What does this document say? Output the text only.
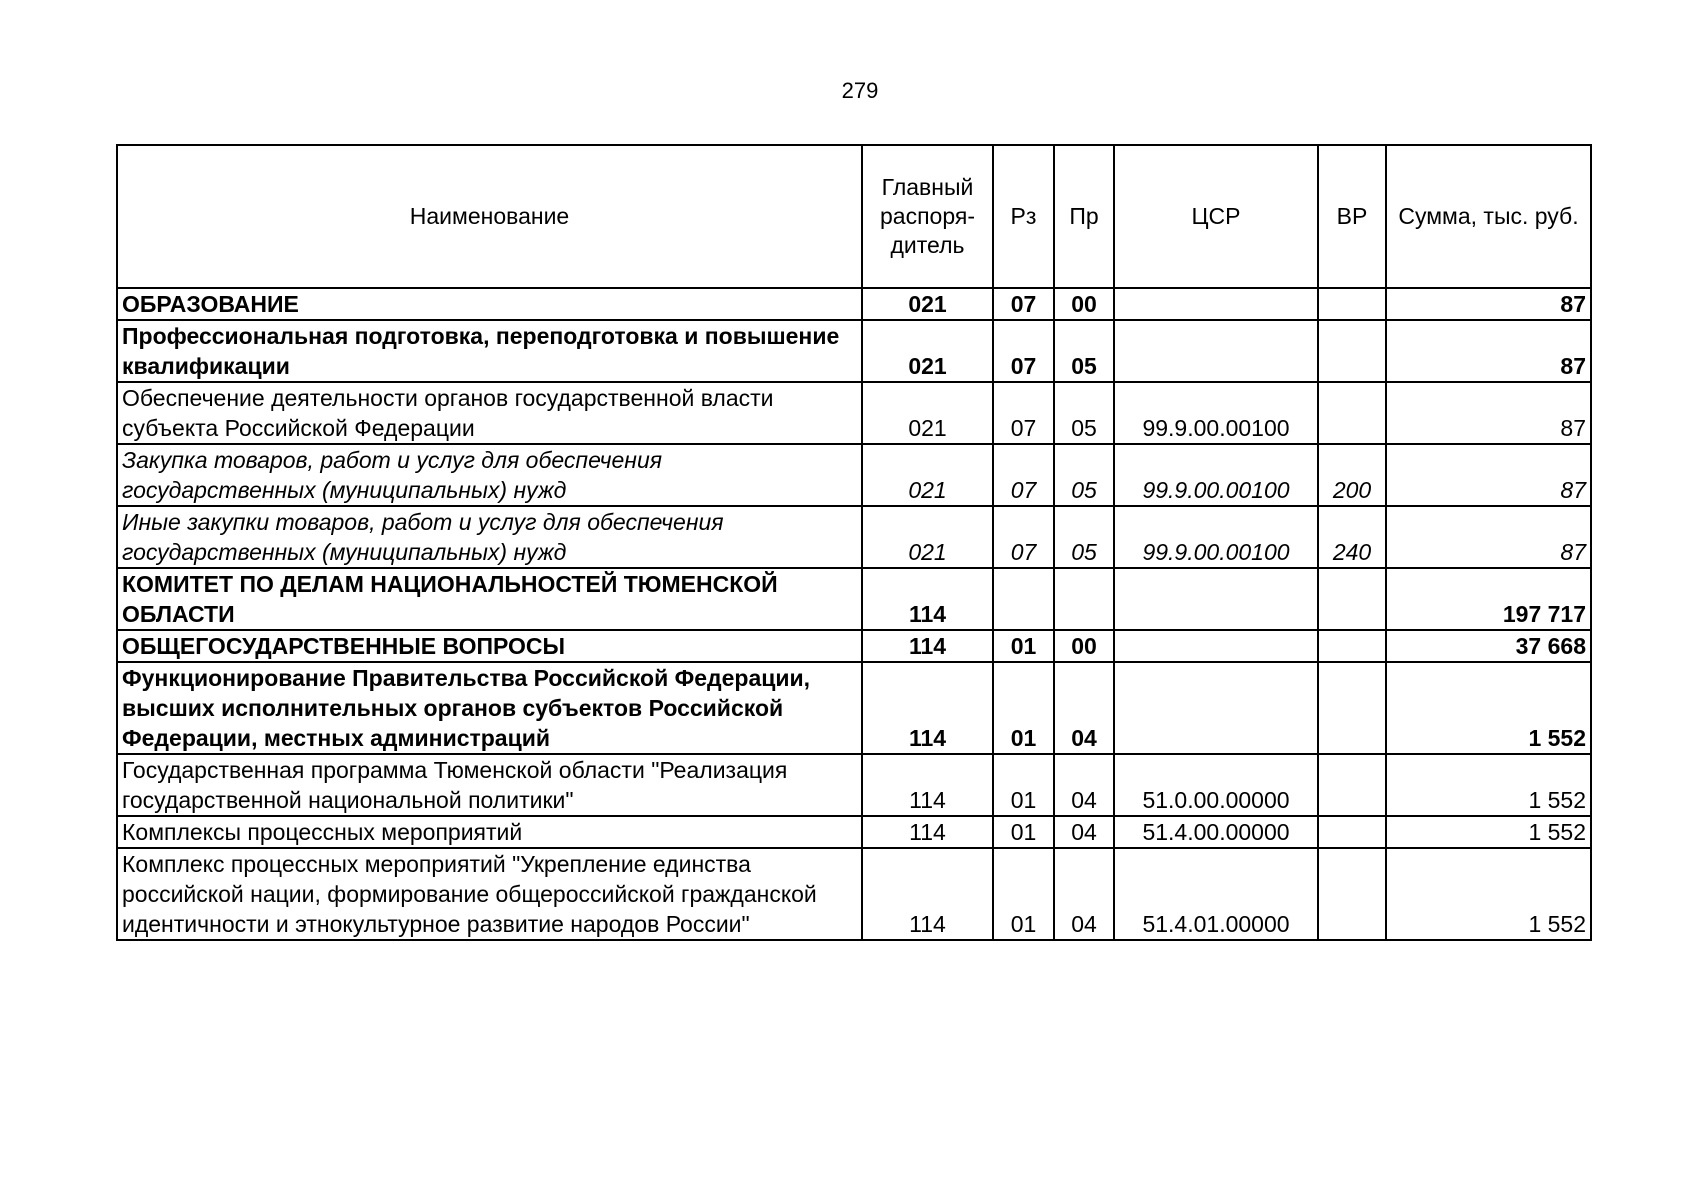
279
Наименование	Главный распоря-дитель	Рз	Пр	ЦСР	ВР	Сумма, тыс. руб.
ОБРАЗОВАНИЕ	021	07	00			87
Профессиональная подготовка, переподготовка и повышение квалификации	021	07	05			87
Обеспечение деятельности органов государственной власти субъекта Российской Федерации	021	07	05	99.9.00.00100		87
Закупка товаров, работ и услуг для обеспечения государственных (муниципальных) нужд	021	07	05	99.9.00.00100	200	87
Иные закупки товаров, работ и услуг для обеспечения государственных (муниципальных) нужд	021	07	05	99.9.00.00100	240	87
КОМИТЕТ ПО ДЕЛАМ НАЦИОНАЛЬНОСТЕЙ ТЮМЕНСКОЙ ОБЛАСТИ	114					197 717
ОБЩЕГОСУДАРСТВЕННЫЕ ВОПРОСЫ	114	01	00			37 668
Функционирование Правительства Российской Федерации, высших исполнительных органов субъектов Российской Федерации, местных администраций	114	01	04			1 552
Государственная программа Тюменской области "Реализация государственной национальной политики"	114	01	04	51.0.00.00000		1 552
Комплексы процессных мероприятий	114	01	04	51.4.00.00000		1 552
Комплекс процессных мероприятий "Укрепление единства российской нации, формирование общероссийской гражданской идентичности и этнокультурное развитие народов России"	114	01	04	51.4.01.00000		1 552
